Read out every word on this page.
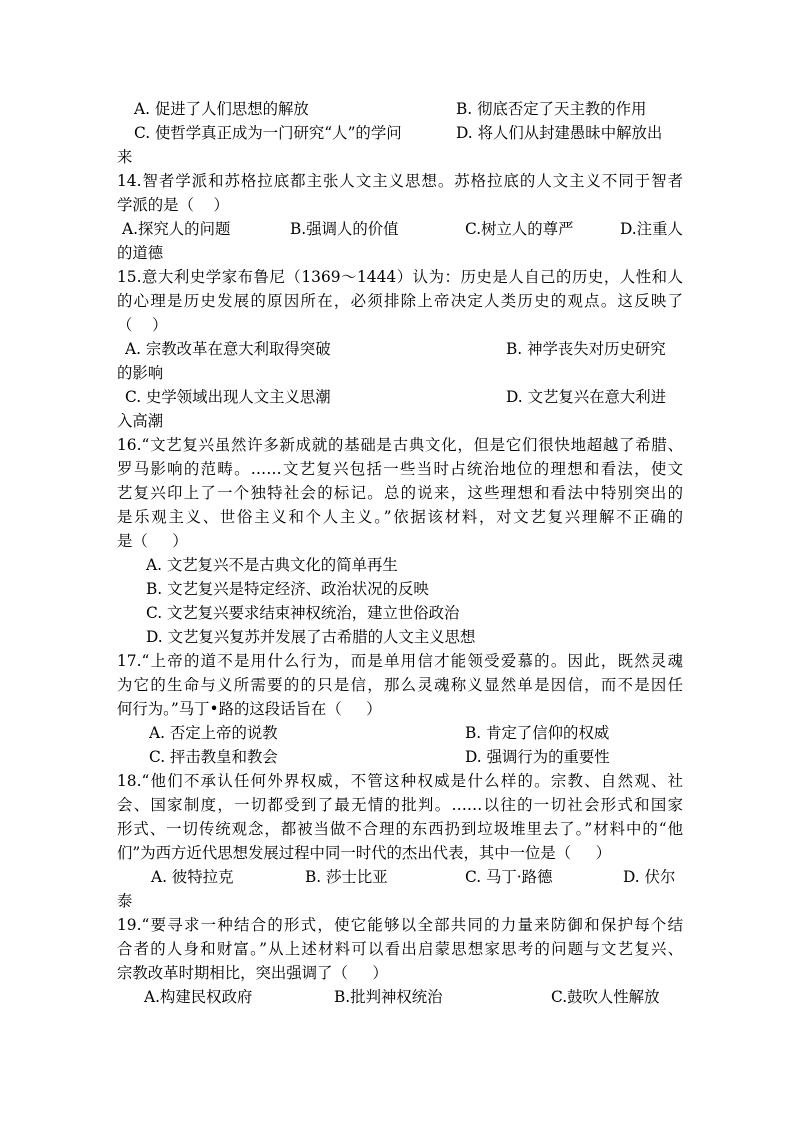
A. 促进了人们思想的解放	B. 彻底否定了天主教的作用
C. 使哲学真正成为一门研究“人”的学问	D. 将人们从封建愚昧中解放出
来
14.智者学派和苏格拉底都主张人文主义思想。苏格拉底的人文主义不同于智者
学派的是（    ）
A.探究人的问题	B.强调人的价值	C.树立人的尊严	D.注重人
的道德
15.意大利史学家布鲁尼（1369～1444）认为：历史是人自己的历史，人性和人
的心理是历史发展的原因所在，必须排除上帝决定人类历史的观点。这反映了
（    ）
A. 宗教改革在意大利取得突破	B. 神学丧失对历史研究
的影响
C. 史学领域出现人文主义思潮	D. 文艺复兴在意大利进
入高潮
16.“文艺复兴虽然许多新成就的基础是古典文化，但是它们很快地超越了希腊、
罗马影响的范畴。……文艺复兴包括一些当时占统治地位的理想和看法，使文
艺复兴印上了一个独特社会的标记。总的说来，这些理想和看法中特别突出的
是乐观主义、世俗主义和个人主义。”依据该材料，对文艺复兴理解不正确的
是（     ）
A. 文艺复兴不是古典文化的简单再生
B. 文艺复兴是特定经济、政治状况的反映
C. 文艺复兴要求结束神权统治，建立世俗政治
D. 文艺复兴复苏并发展了古希腊的人文主义思想
17.“上帝的道不是用什么行为，而是单用信才能领受爱慕的。因此，既然灵魂
为它的生命与义所需要的的只是信，那么灵魂称义显然单是因信，而不是因任
何行为。”马丁•路的这段话旨在（     ）
A. 否定上帝的说教	B. 肯定了信仰的权威
C. 抨击教皇和教会	D. 强调行为的重要性
18.“他们不承认任何外界权威，不管这种权威是什么样的。宗教、自然观、社
会、国家制度，一切都受到了最无情的批判。……以往的一切社会形式和国家
形式、一切传统观念，都被当做不合理的东西扔到垃圾堆里去了。”材料中的“他
们”为西方近代思想发展过程中同一时代的杰出代表，其中一位是（     ）
A. 彼特拉克	B. 莎士比亚	C. 马丁·路德	D. 伏尔
泰
19.“要寻求一种结合的形式，使它能够以全部共同的力量来防御和保护每个结
合者的人身和财富。”从上述材料可以看出启蒙思想家思考的问题与文艺复兴、
宗教改革时期相比，突出强调了（     ）
A.构建民权政府	B.批判神权统治	C.鼓吹人性解放
